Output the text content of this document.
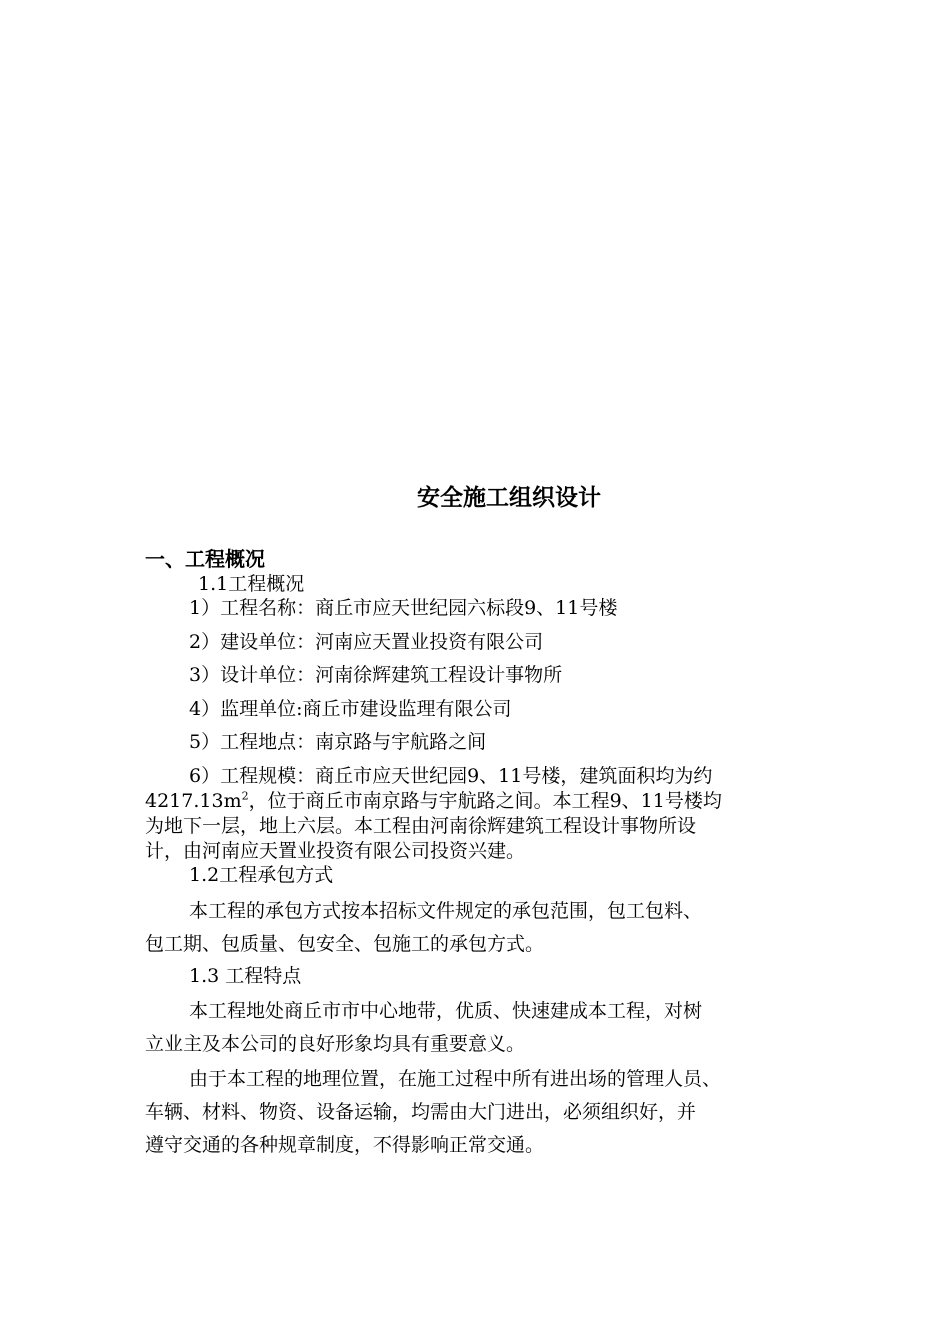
安全施工组织设计
一、工程概况
1.1工程概况
1）工程名称：商丘市应天世纪园六标段9、11号楼
2）建设单位：河南应天置业投资有限公司
3）设计单位：河南徐辉建筑工程设计事物所
4）监理单位:商丘市建设监理有限公司
5）工程地点：南京路与宇航路之间
6）工程规模：商丘市应天世纪园9、11号楼，建筑面积均为约
$4217.13m^2$，位于商丘市南京路与宇航路之间。本工程9、11号楼均
为地下一层，地上六层。本工程由河南徐辉建筑工程设计事物所设
计，由河南应天置业投资有限公司投资兴建。
1.2工程承包方式
本工程的承包方式按本招标文件规定的承包范围，包工包料、
包工期、包质量、包安全、包施工的承包方式。
1.3 工程特点
本工程地处商丘市市中心地带，优质、快速建成本工程，对树
立业主及本公司的良好形象均具有重要意义。
由于本工程的地理位置，在施工过程中所有进出场的管理人员、
车辆、材料、物资、设备运输，均需由大门进出，必须组织好，并
遵守交通的各种规章制度，不得影响正常交通。
